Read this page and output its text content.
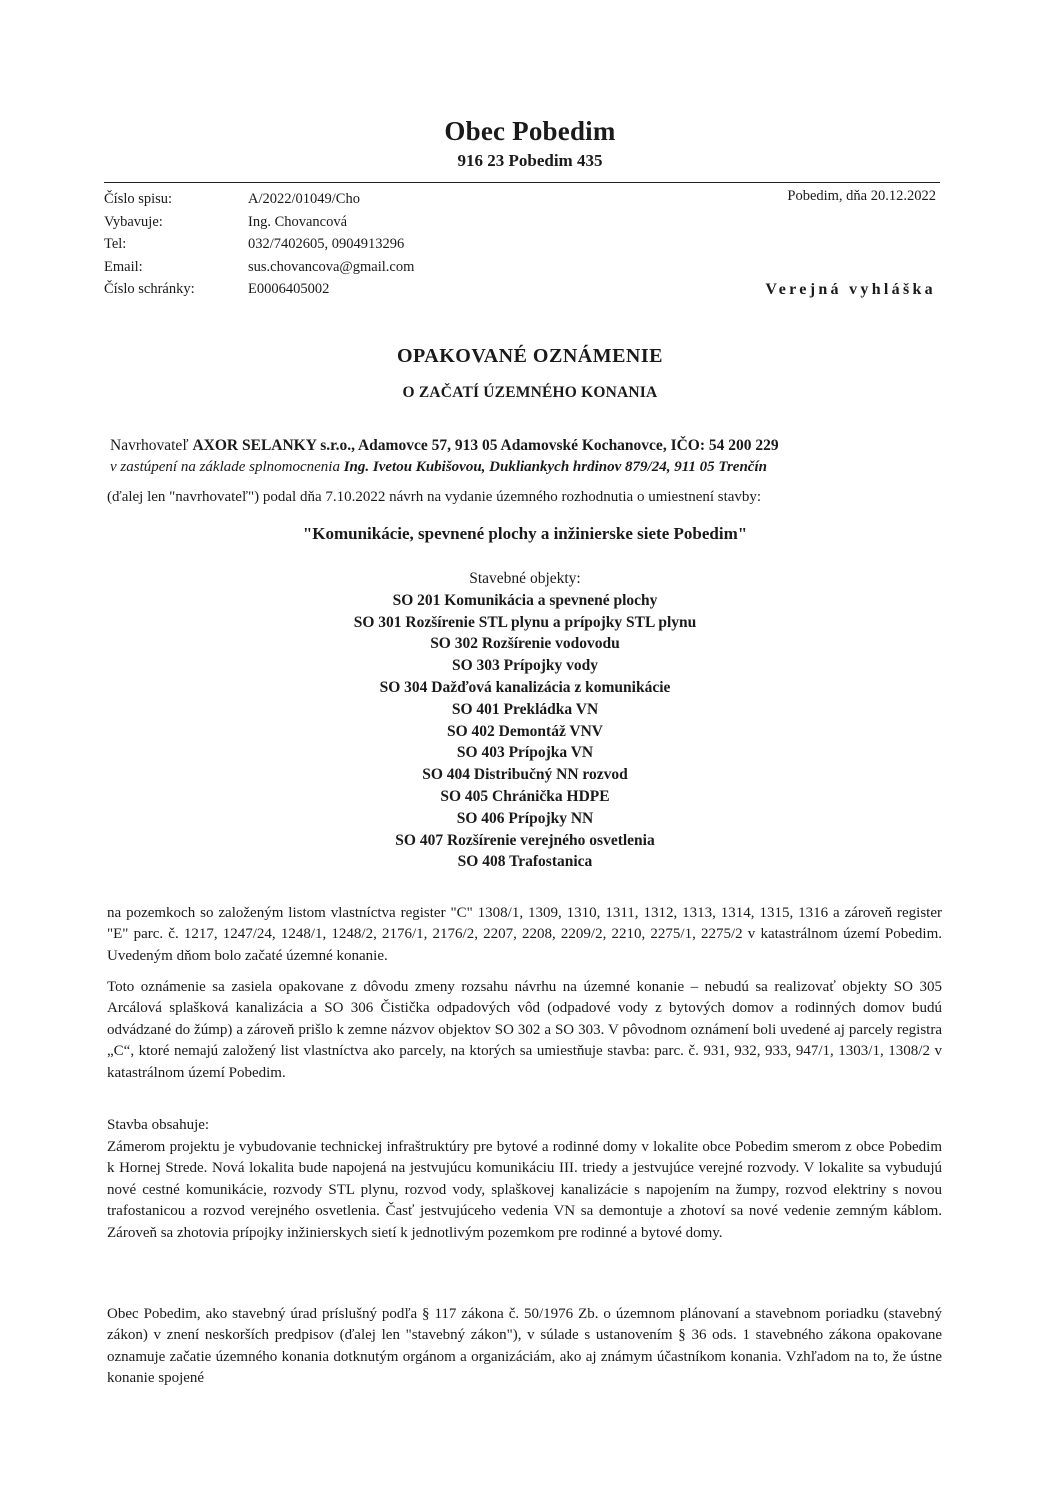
Obec Pobedim
916 23 Pobedim 435
Číslo spisu:	A/2022/01049/Cho
Vybavuje:	Ing. Chovancová
Tel:	032/7402605, 0904913296
Email:	sus.chovancova@gmail.com
Číslo schránky:	E0006405002
Pobedim, dňa 20.12.2022
Verejná vyhláška
OPAKOVANÉ OZNÁMENIE
O ZAČATÍ ÚZEMNÉHO KONANIA
Navrhovateľ AXOR SELANKY s.r.o., Adamovce 57, 913 05 Adamovské Kochanovce, IČO: 54 200 229
v zastúpení na základe splnomocnenia Ing. Ivetou Kubišovou, Dukliankych hrdinov 879/24, 911 05 Trenčín
(ďalej len "navrhovateľ") podal dňa 7.10.2022 návrh na vydanie územného rozhodnutia o umiestnení stavby:
"Komunikácie, spevnené plochy a inžinierske siete Pobedim"
Stavebné objekty:
SO 201 Komunikácia a spevnené plochy
SO 301 Rozšírenie STL plynu a prípojky STL plynu
SO 302 Rozšírenie vodovodu
SO 303 Prípojky vody
SO 304 Dažďová kanalizácia z komunikácie
SO 401 Prekládka VN
SO 402 Demontáž VNV
SO 403 Prípojka VN
SO 404 Distribučný NN rozvod
SO 405 Chránička HDPE
SO 406 Prípojky NN
SO 407 Rozšírenie verejného osvetlenia
SO 408 Trafostanica
na pozemkoch so založeným listom vlastníctva register "C" 1308/1, 1309, 1310, 1311, 1312, 1313, 1314, 1315, 1316 a zároveň register "E" parc. č. 1217, 1247/24, 1248/1, 1248/2, 2176/1, 2176/2, 2207, 2208, 2209/2, 2210, 2275/1, 2275/2 v katastrálnom území Pobedim. Uvedeným dňom bolo začaté územné konanie.
Toto oznámenie sa zasiela opakovane z dôvodu zmeny rozsahu návrhu na územné konanie – nebudú sa realizovať objekty SO 305 Arcálová splašková kanalizácia a SO 306 Čistička odpadových vôd (odpadové vody z bytových domov a rodinných domov budú odvádzané do žúmp) a zároveň prišlo k zemne názvov objektov SO 302 a SO 303. V pôvodnom oznámení boli uvedené aj parcely registra „C“, ktoré nemajú založený list vlastníctva ako parcely, na ktorých sa umiestňuje stavba: parc. č. 931, 932, 933, 947/1, 1303/1, 1308/2 v katastrálnom území Pobedim.
Stavba obsahuje:
Zámerom projektu je vybudovanie technickej infraštruktúry pre bytové a rodinné domy v lokalite obce Pobedim smerom z obce Pobedim k Hornej Strede. Nová lokalita bude napojená na jestvujúcu komunikáciu III. triedy a jestvujúce verejné rozvody. V lokalite sa vybudujú nové cestné komunikácie, rozvody STL plynu, rozvod vody, splaškovej kanalizácie s napojením na žumpy, rozvod elektriny s novou trafostanicou a rozvod verejného osvetlenia. Časť jestvujúceho vedenia VN sa demontuje a zhotoví sa nové vedenie zemným káblom. Zároveň sa zhotovia prípojky inžinierskych sietí k jednotlivým pozemkom pre rodinné a bytové domy.
Obec Pobedim, ako stavebný úrad príslušný podľa § 117 zákona č. 50/1976 Zb. o územnom plánovaní a stavebnom poriadku (stavebný zákon) v znení neskorších predpisov (ďalej len "stavebný zákon"), v súlade s ustanovením § 36 ods. 1 stavebného zákona opakovane oznamuje začatie územného konania dotknutým orgánom a organizáciám, ako aj známym účastníkom konania. Vzhľadom na to, že ústne konanie spojené
